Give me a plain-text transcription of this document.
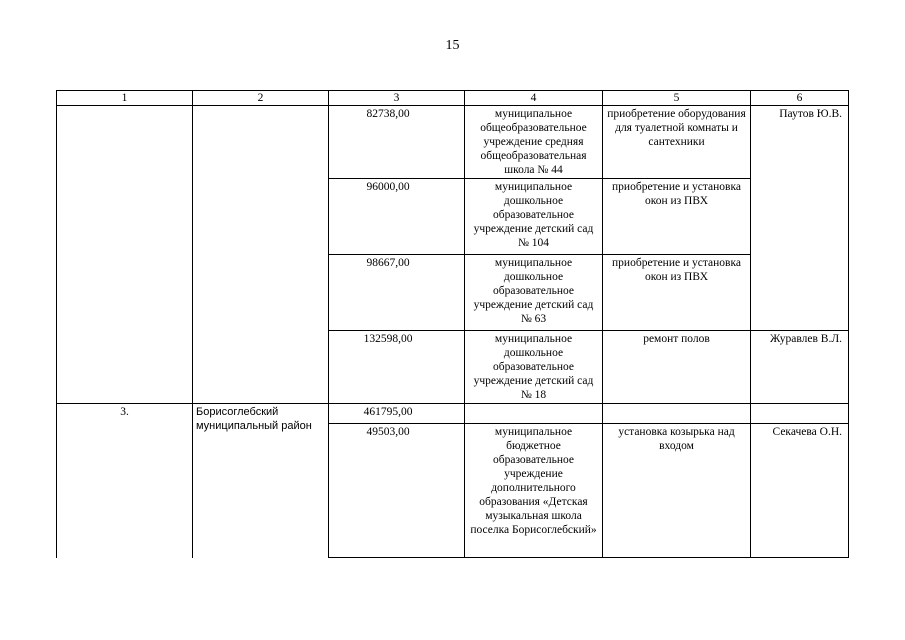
15
1	2	3	4	5	6
		82738,00	муниципальное общеобразовательное учреждение средняя общеобразовательная школа № 44	приобретение оборудования для туалетной комнаты и сантехники	Паутов Ю.В.
		96000,00	муниципальное дошкольное образовательное учреждение детский сад № 104	приобретение и установка окон из ПВХ	
		98667,00	муниципальное дошкольное образовательное учреждение детский сад № 63	приобретение и установка окон из ПВХ	
		132598,00	муниципальное дошкольное образовательное учреждение детский сад № 18	ремонт полов	Журавлев В.Л.
3.	Борисоглебский муниципальный район	461795,00			
		49503,00	муниципальное бюджетное образовательное учреждение дополнительного образования «Детская музыкальная школа поселка Борисоглебский»	установка козырька над входом	Секачева О.Н.
